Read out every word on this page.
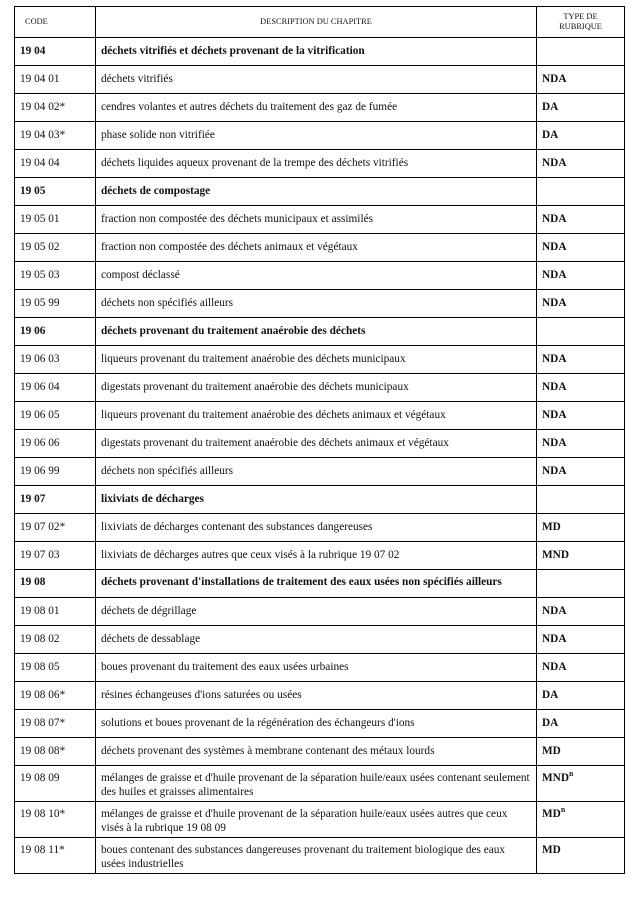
CODE	DESCRIPTION DU CHAPITRE	TYPE DE
RUBRIQUE
19 04	déchets vitrifiés et déchets provenant de la vitrification	
19 04 01	déchets vitrifiés	NDA
19 04 02*	cendres volantes et autres déchets du traitement des gaz de fumée	DA
19 04 03*	phase solide non vitrifiée	DA
19 04 04	déchets liquides aqueux provenant de la trempe des déchets vitrifiés	NDA
19 05	déchets de compostage	
19 05 01	fraction non compostée des déchets municipaux et assimilés	NDA
19 05 02	fraction non compostée des déchets animaux et végétaux	NDA
19 05 03	compost déclassé	NDA
19 05 99	déchets non spécifiés ailleurs	NDA
19 06	déchets provenant du traitement anaérobie des déchets	
19 06 03	liqueurs provenant du traitement anaérobie des déchets municipaux	NDA
19 06 04	digestats provenant du traitement anaérobie des déchets municipaux	NDA
19 06 05	liqueurs provenant du traitement anaérobie des déchets animaux et végétaux	NDA
19 06 06	digestats provenant du traitement anaérobie des déchets animaux et végétaux	NDA
19 06 99	déchets non spécifiés ailleurs	NDA
19 07	lixiviats de décharges	
19 07 02*	lixiviats de décharges contenant des substances dangereuses	MD
19 07 03	lixiviats de décharges autres que ceux visés à la rubrique 19 07 02	MND
19 08	déchets provenant d'installations de traitement des eaux usées non spécifiés ailleurs	
19 08 01	déchets de dégrillage	NDA
19 08 02	déchets de dessablage	NDA
19 08 05	boues provenant du traitement des eaux usées urbaines	NDA
19 08 06*	résines échangeuses d'ions saturées ou usées	DA
19 08 07*	solutions et boues provenant de la régénération des échangeurs d'ions	DA
19 08 08*	déchets provenant des systèmes à membrane contenant des métaux lourds	MD
19 08 09	mélanges de graisse et d'huile provenant de la séparation huile/eaux usées contenant seulement des huiles et graisses alimentaires	$MND^B$
19 08 10*	mélanges de graisse et d'huile provenant de la séparation huile/eaux usées autres que ceux visés à la rubrique 19 08 09	$MD^B$
19 08 11*	boues contenant des substances dangereuses provenant du traitement biologique des eaux usées industrielles	MD
